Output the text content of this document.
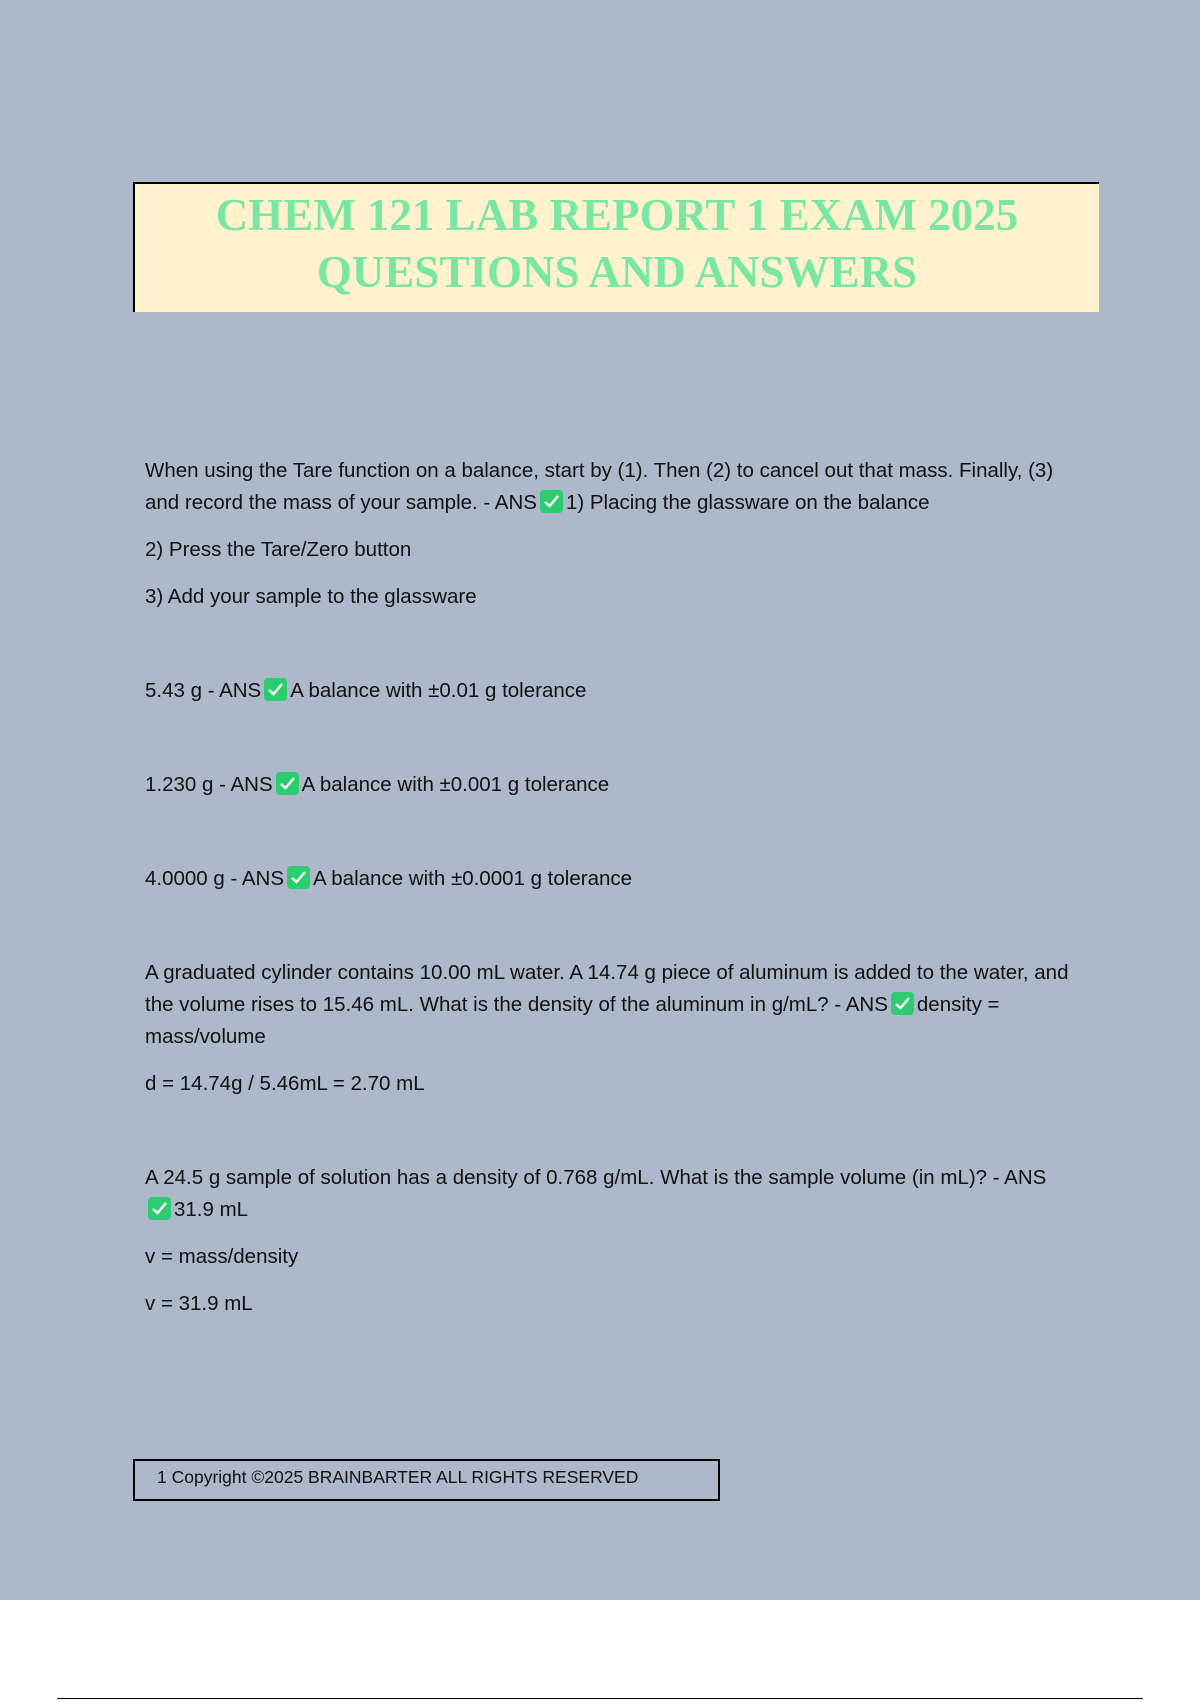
CHEM 121 LAB REPORT 1 EXAM 2025
QUESTIONS AND ANSWERS

When using the Tare function on a balance, start by (1). Then (2) to cancel out that mass. Finally, (3) and record the mass of your sample. - ANS 1) Placing the glassware on the balance

2) Press the Tare/Zero button

3) Add your sample to the glassware

5.43 g - ANS A balance with ±0.01 g tolerance

1.230 g - ANS A balance with ±0.001 g tolerance

4.0000 g - ANS A balance with ±0.0001 g tolerance

A graduated cylinder contains 10.00 mL water. A 14.74 g piece of aluminum is added to the water, and the volume rises to 15.46 mL. What is the density of the aluminum in g/mL? - ANS density = mass/volume

d = 14.74g / 5.46mL = 2.70 mL

A 24.5 g sample of solution has a density of 0.768 g/mL. What is the sample volume (in mL)? - ANS
31.9 mL

v = mass/density

v = 31.9 mL

1 Copyright ©2025 BRAINBARTER ALL RIGHTS RESERVED
